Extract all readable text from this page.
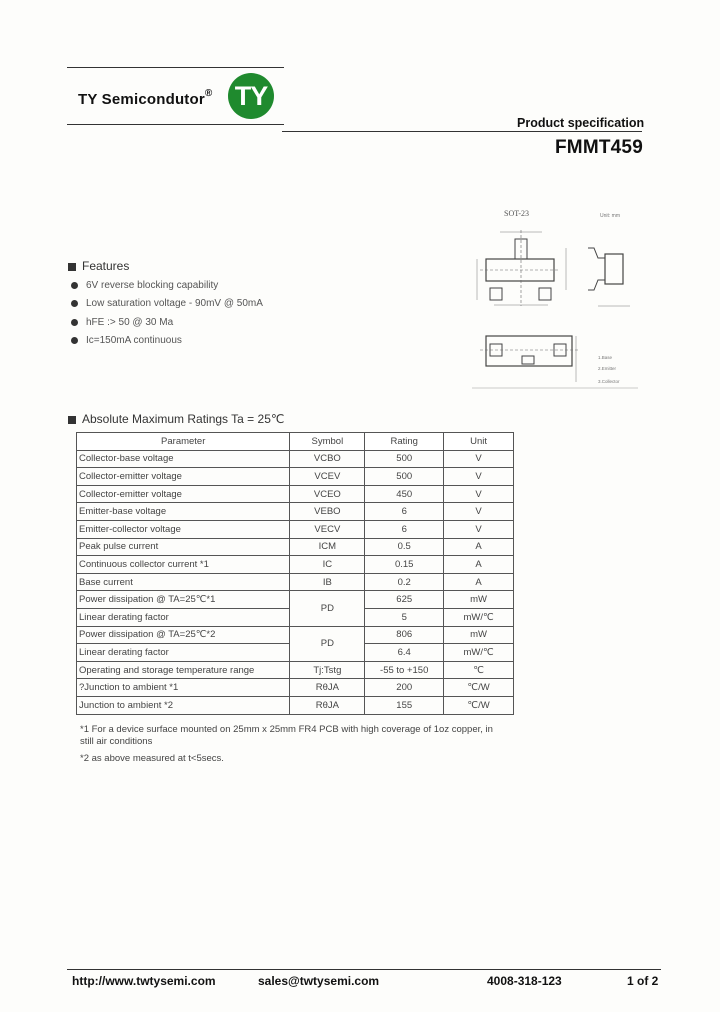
TY Semicondutor® TY
Product specification
FMMT459
SOT-23	Unit: mm
1.Base
2.Emitter
3.Collector
Features
6V reverse blocking capability
Low saturation voltage - 90mV @ 50mA
hFE :> 50 @ 30 Ma
Ic=150mA continuous
Absolute Maximum Ratings Ta = 25℃
Parameter	Symbol	Rating	Unit
Collector-base voltage	VCBO	500	V
Collector-emitter voltage	VCEV	500	V
Collector-emitter voltage	VCEO	450	V
Emitter-base voltage	VEBO	6	V
Emitter-collector voltage	VECV	6	V
Peak pulse current	ICM	0.5	A
Continuous collector current *1	IC	0.15	A
Base current	IB	0.2	A
Power dissipation @ TA=25℃*1	PD	625	mW
Linear derating factor		5	mW/℃
Power dissipation @ TA=25℃*2	PD	806	mW
Linear derating factor		6.4	mW/℃
Operating and storage temperature range	Tj:Tstg	-55 to +150	℃
?Junction to ambient *1	RθJA	200	℃/W
Junction to ambient *2	RθJA	155	℃/W
*1 For a device surface mounted on 25mm x 25mm FR4 PCB with high coverage of 1oz copper, in
still air conditions
*2 as above measured at t<5secs.
http://www.twtysemi.com	sales@twtysemi.com	4008-318-123	1 of 2
